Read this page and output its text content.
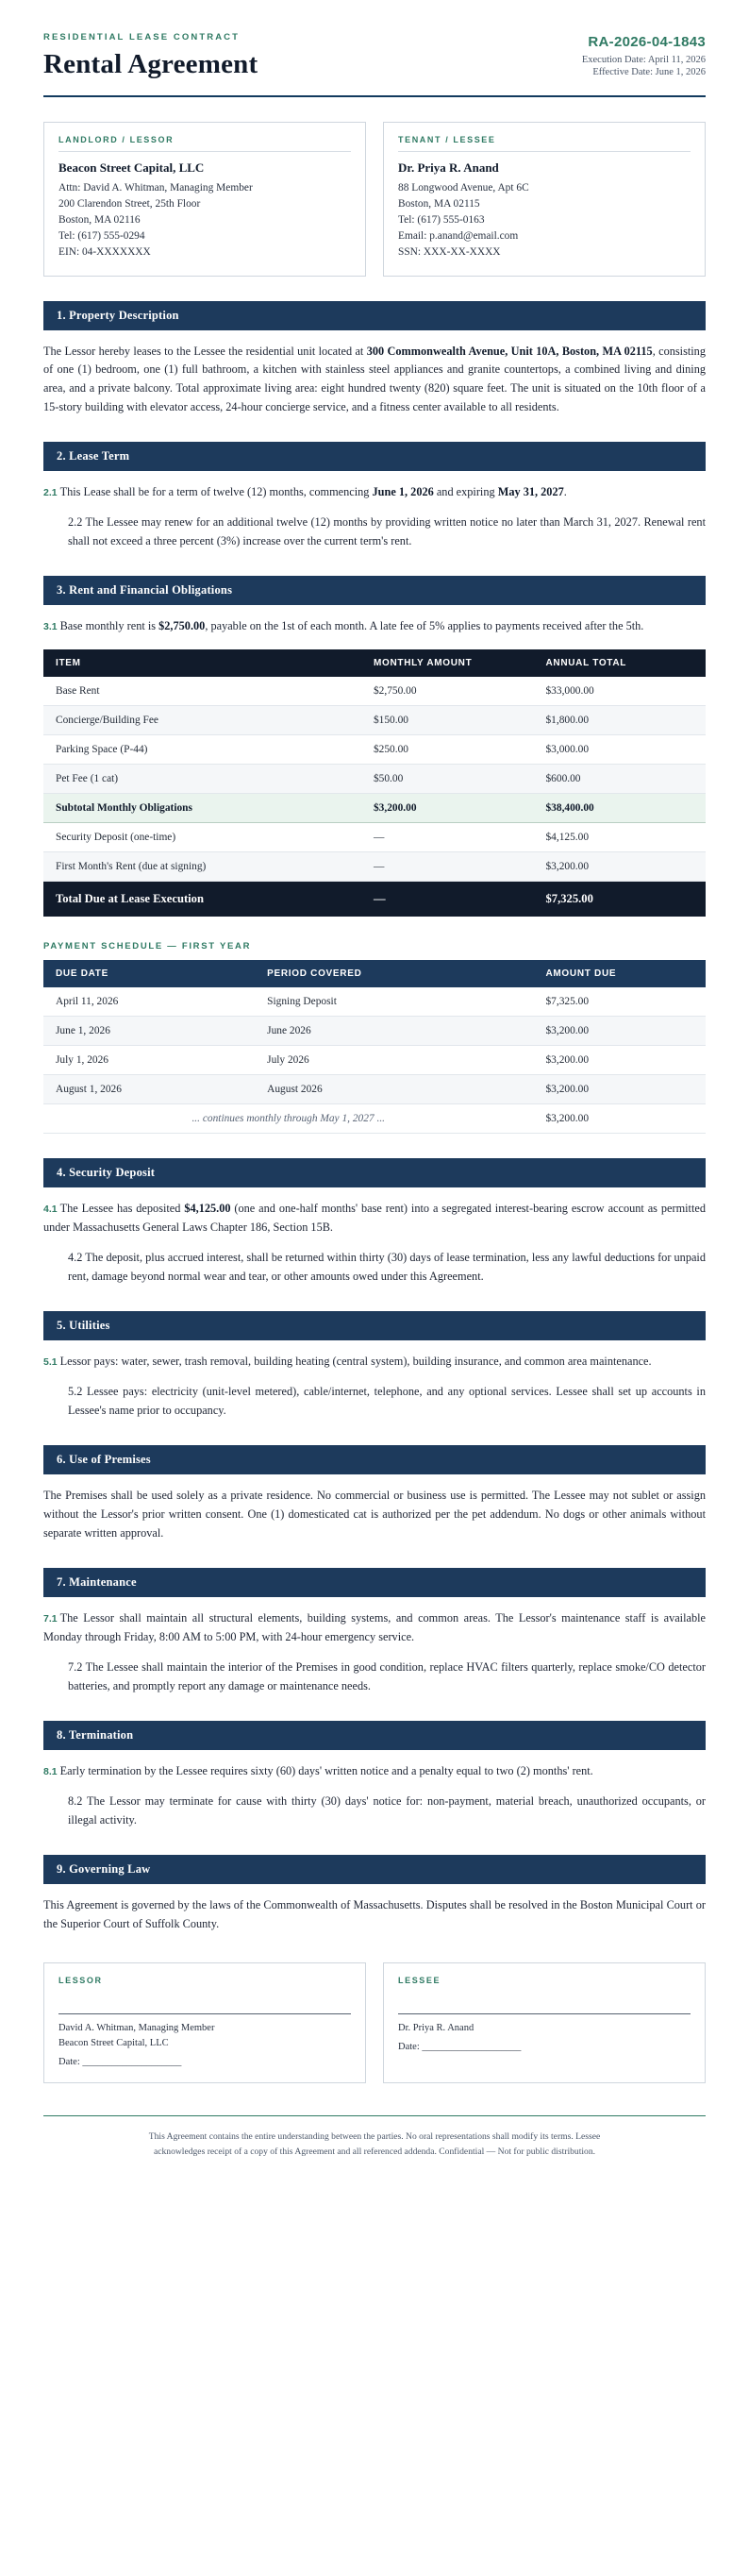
RESIDENTIAL LEASE CONTRACT
Rental Agreement
RA-2026-04-1843
Execution Date: April 11, 2026
Effective Date: June 1, 2026
LANDLORD / LESSOR
Beacon Street Capital, LLC
Attn: David A. Whitman, Managing Member
200 Clarendon Street, 25th Floor
Boston, MA 02116
Tel: (617) 555-0294
EIN: 04-XXXXXXX
TENANT / LESSEE
Dr. Priya R. Anand
88 Longwood Avenue, Apt 6C
Boston, MA 02115
Tel: (617) 555-0163
Email: p.anand@email.com
SSN: XXX-XX-XXXX
1. Property Description

The Lessor hereby leases to the Lessee the residential unit located at 300 Commonwealth Avenue, Unit 10A, Boston, MA 02115, consisting of one (1) bedroom, one (1) full bathroom, a kitchen with stainless steel appliances and granite countertops, a combined living and dining area, and a private balcony. Total approximate living area: eight hundred twenty (820) square feet. The unit is situated on the 10th floor of a 15-story building with elevator access, 24-hour concierge service, and a fitness center available to all residents.

2. Lease Term

2.1 This Lease shall be for a term of twelve (12) months, commencing June 1, 2026 and expiring May 31, 2027.

2.2 The Lessee may renew for an additional twelve (12) months by providing written notice no later than March 31, 2027. Renewal rent shall not exceed a three percent (3%) increase over the current term's rent.

3. Rent and Financial Obligations

3.1 Base monthly rent is $2,750.00, payable on the 1st of each month. A late fee of 5% applies to payments received after the 5th.

ITEM	MONTHLY AMOUNT	ANNUAL TOTAL
Base Rent	$2,750.00	$33,000.00
Concierge/Building Fee	$150.00	$1,800.00
Parking Space (P-44)	$250.00	$3,000.00
Pet Fee (1 cat)	$50.00	$600.00
Subtotal Monthly Obligations	$3,200.00	$38,400.00
Security Deposit (one-time)	—	$4,125.00
First Month's Rent (due at signing)	—	$3,200.00
Total Due at Lease Execution	—	$7,325.00
PAYMENT SCHEDULE — FIRST YEAR
DUE DATE	PERIOD COVERED	AMOUNT DUE
April 11, 2026	Signing Deposit	$7,325.00
June 1, 2026	June 2026	$3,200.00
July 1, 2026	July 2026	$3,200.00
August 1, 2026	August 2026	$3,200.00
... continues monthly through May 1, 2027 ...		$3,200.00
4. Security Deposit

4.1 The Lessee has deposited $4,125.00 (one and one-half months' base rent) into a segregated interest-bearing escrow account as permitted under Massachusetts General Laws Chapter 186, Section 15B.

4.2 The deposit, plus accrued interest, shall be returned within thirty (30) days of lease termination, less any lawful deductions for unpaid rent, damage beyond normal wear and tear, or other amounts owed under this Agreement.

5. Utilities

5.1 Lessor pays: water, sewer, trash removal, building heating (central system), building insurance, and common area maintenance.

5.2 Lessee pays: electricity (unit-level metered), cable/internet, telephone, and any optional services. Lessee shall set up accounts in Lessee's name prior to occupancy.

6. Use of Premises

The Premises shall be used solely as a private residence. No commercial or business use is permitted. The Lessee may not sublet or assign without the Lessor's prior written consent. One (1) domesticated cat is authorized per the pet addendum. No dogs or other animals without separate written approval.

7. Maintenance

7.1 The Lessor shall maintain all structural elements, building systems, and common areas. The Lessor's maintenance staff is available Monday through Friday, 8:00 AM to 5:00 PM, with 24-hour emergency service.

7.2 The Lessee shall maintain the interior of the Premises in good condition, replace HVAC filters quarterly, replace smoke/CO detector batteries, and promptly report any damage or maintenance needs.

8. Termination

8.1 Early termination by the Lessee requires sixty (60) days' written notice and a penalty equal to two (2) months' rent.

8.2 The Lessor may terminate for cause with thirty (30) days' notice for: non-payment, material breach, unauthorized occupants, or illegal activity.

9. Governing Law

This Agreement is governed by the laws of the Commonwealth of Massachusetts. Disputes shall be resolved in the Boston Municipal Court or the Superior Court of Suffolk County.

LESSOR
David A. Whitman, Managing Member
Beacon Street Capital, LLC
Date: ____________________
LESSEE
Dr. Priya R. Anand
Date: ____________________
This Agreement contains the entire understanding between the parties. No oral representations shall modify its terms. Lessee
acknowledges receipt of a copy of this Agreement and all referenced addenda. Confidential — Not for public distribution.
